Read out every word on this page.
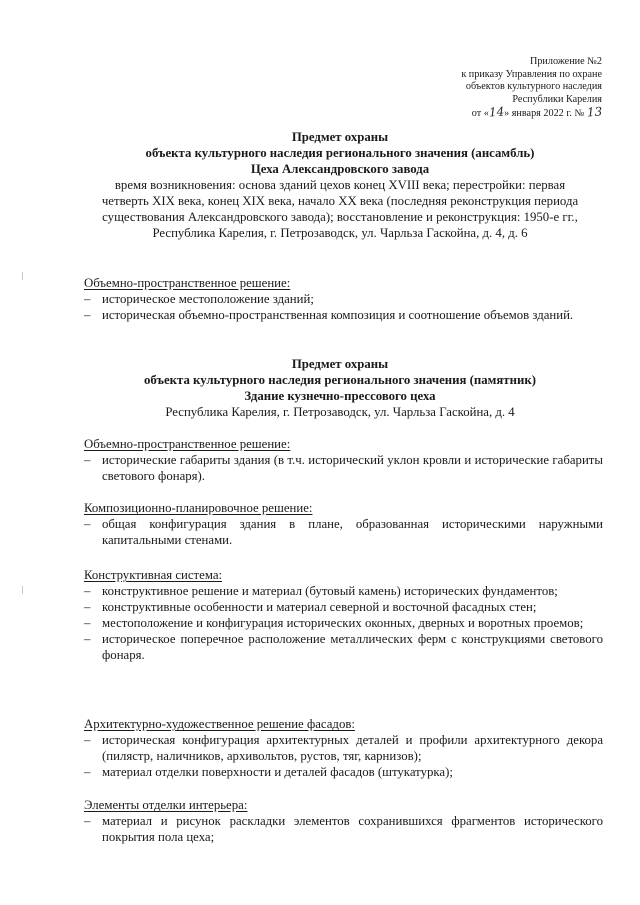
Приложение №2
к приказу Управления по охране
объектов культурного наследия
Республики Карелия
от «14» января 2022 г. № 13
Предмет охраны
объекта культурного наследия регионального значения (ансамбль)
Цеха Александровского завода
время возникновения: основа зданий цехов конец XVIII века; перестройки: первая
четверть XIX века, конец XIX века, начало XX века (последняя реконструкция периода
существования Александровского завода); восстановление и реконструкция: 1950-е гг.,
Республика Карелия, г. Петрозаводск, ул. Чарльза Гаскойна, д. 4, д. 6
Объемно-пространственное решение:
– историческое местоположение зданий;
– историческая объемно-пространственная композиция и соотношение объемов зданий.
Предмет охраны
объекта культурного наследия регионального значения (памятник)
Здание кузнечно-прессового цеха
Республика Карелия, г. Петрозаводск, ул. Чарльза Гаскойна, д. 4
Объемно-пространственное решение:
– исторические габариты здания (в т.ч. исторический уклон кровли и исторические габариты светового фонаря).
Композиционно-планировочное решение:
– общая конфигурация здания в плане, образованная историческими наружными капитальными стенами.
Конструктивная система:
– конструктивное решение и материал (бутовый камень) исторических фундаментов;
– конструктивные особенности и материал северной и восточной фасадных стен;
– местоположение и конфигурация исторических оконных, дверных и воротных проемов;
– историческое поперечное расположение металлических ферм с конструкциями светового фонаря.
Архитектурно-художественное решение фасадов:
– историческая конфигурация архитектурных деталей и профили архитектурного декора (пилястр, наличников, архивольтов, рустов, тяг, карнизов);
– материал отделки поверхности и деталей фасадов (штукатурка);
Элементы отделки интерьера:
– материал и рисунок раскладки элементов сохранившихся фрагментов исторического покрытия пола цеха;
